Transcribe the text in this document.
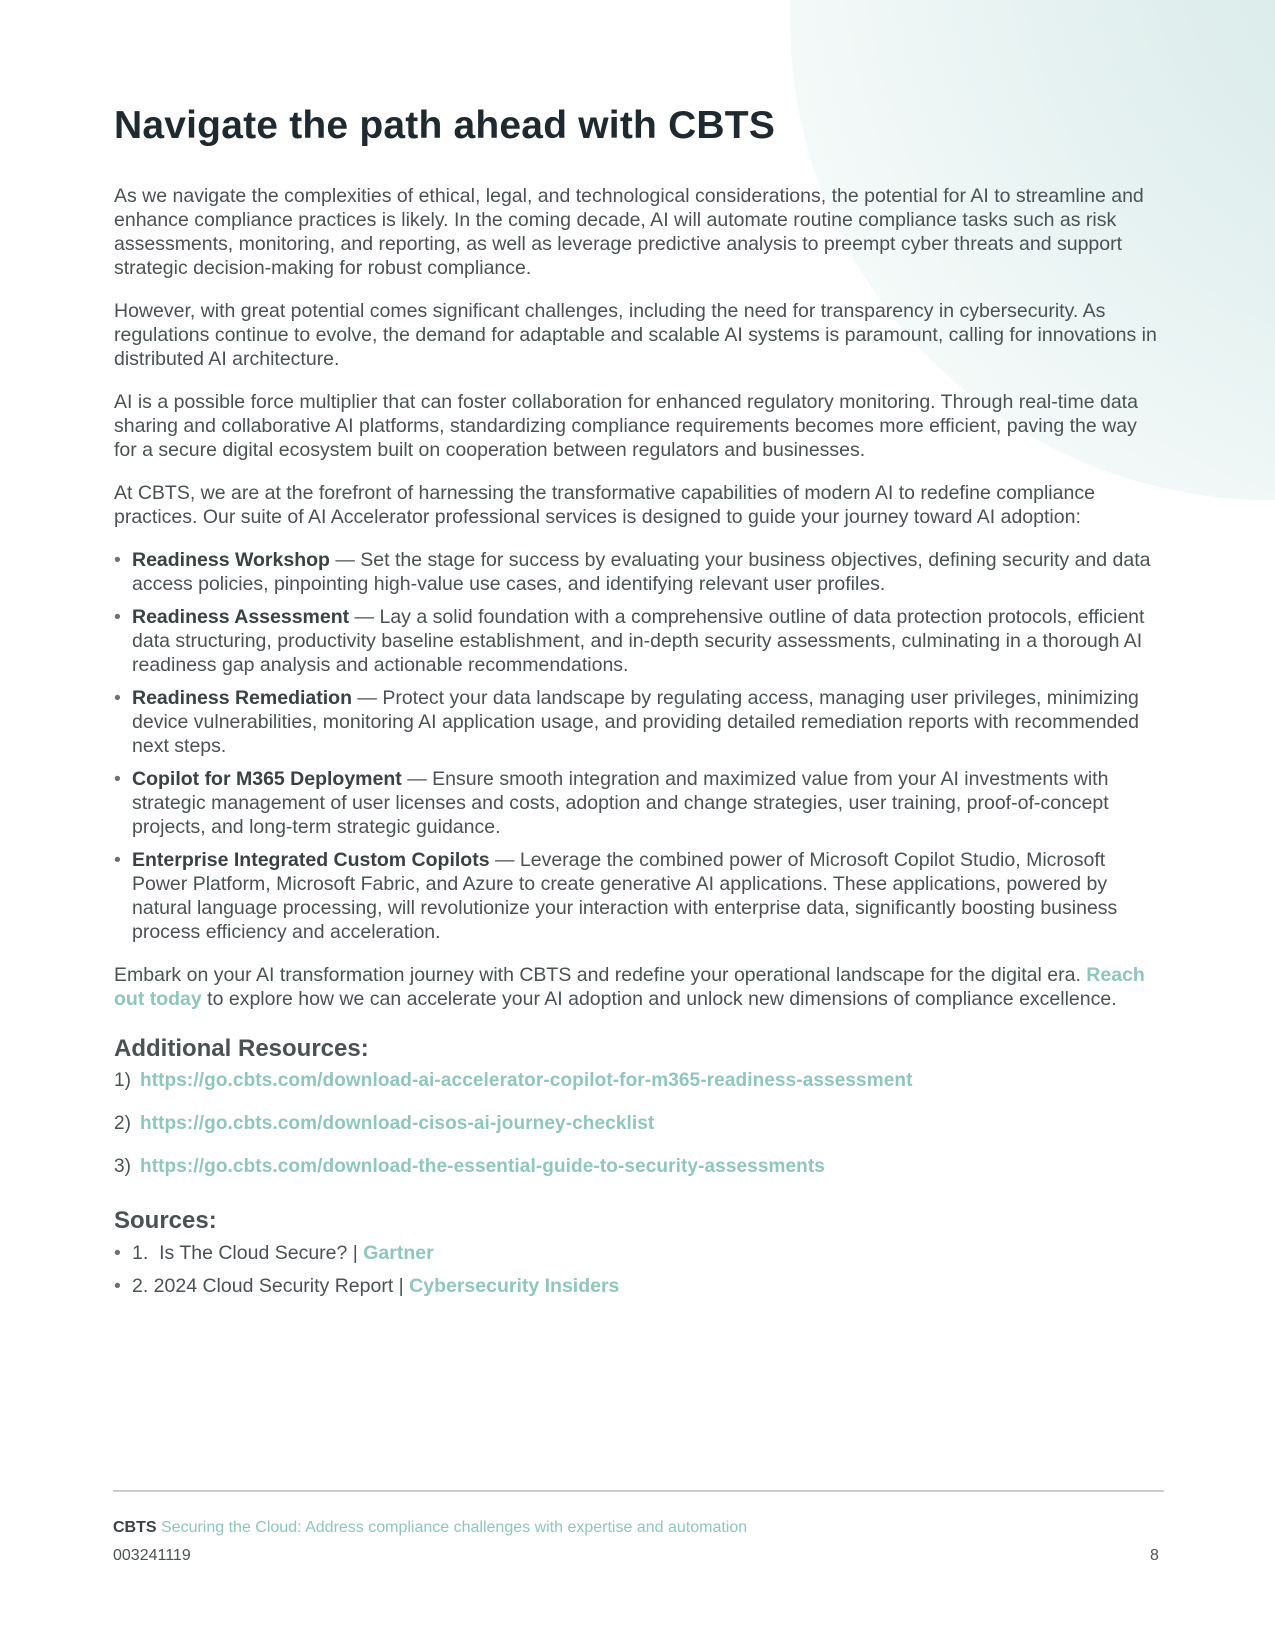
Navigate the path ahead with CBTS

As we navigate the complexities of ethical, legal, and technological considerations, the potential for AI to streamline and enhance compliance practices is likely. In the coming decade, AI will automate routine compliance tasks such as risk assessments, monitoring, and reporting, as well as leverage predictive analysis to preempt cyber threats and support strategic decision-making for robust compliance.

However, with great potential comes significant challenges, including the need for transparency in cybersecurity. As regulations continue to evolve, the demand for adaptable and scalable AI systems is paramount, calling for innovations in distributed AI architecture.

AI is a possible force multiplier that can foster collaboration for enhanced regulatory monitoring. Through real-time data sharing and collaborative AI platforms, standardizing compliance requirements becomes more efficient, paving the way for a secure digital ecosystem built on cooperation between regulators and businesses.

At CBTS, we are at the forefront of harnessing the transformative capabilities of modern AI to redefine compliance practices. Our suite of AI Accelerator professional services is designed to guide your journey toward AI adoption:

• Readiness Workshop — Set the stage for success by evaluating your business objectives, defining security and data access policies, pinpointing high-value use cases, and identifying relevant user profiles.
• Readiness Assessment — Lay a solid foundation with a comprehensive outline of data protection protocols, efficient data structuring, productivity baseline establishment, and in-depth security assessments, culminating in a thorough AI readiness gap analysis and actionable recommendations.
• Readiness Remediation — Protect your data landscape by regulating access, managing user privileges, minimizing device vulnerabilities, monitoring AI application usage, and providing detailed remediation reports with recommended next steps.
• Copilot for M365 Deployment — Ensure smooth integration and maximized value from your AI investments with strategic management of user licenses and costs, adoption and change strategies, user training, proof-of-concept projects, and long-term strategic guidance.
• Enterprise Integrated Custom Copilots — Leverage the combined power of Microsoft Copilot Studio, Microsoft Power Platform, Microsoft Fabric, and Azure to create generative AI applications. These applications, powered by natural language processing, will revolutionize your interaction with enterprise data, significantly boosting business process efficiency and acceleration.

Embark on your AI transformation journey with CBTS and redefine your operational landscape for the digital era. Reach out today to explore how we can accelerate your AI adoption and unlock new dimensions of compliance excellence.

Additional Resources:
1) https://go.cbts.com/download-ai-accelerator-copilot-for-m365-readiness-assessment
2) https://go.cbts.com/download-cisos-ai-journey-checklist
3) https://go.cbts.com/download-the-essential-guide-to-security-assessments
Sources:
• 1.  Is The Cloud Secure? | Gartner
• 2. 2024 Cloud Security Report | Cybersecurity Insiders
CBTS Securing the Cloud: Address compliance challenges with expertise and automation
003241119	8
